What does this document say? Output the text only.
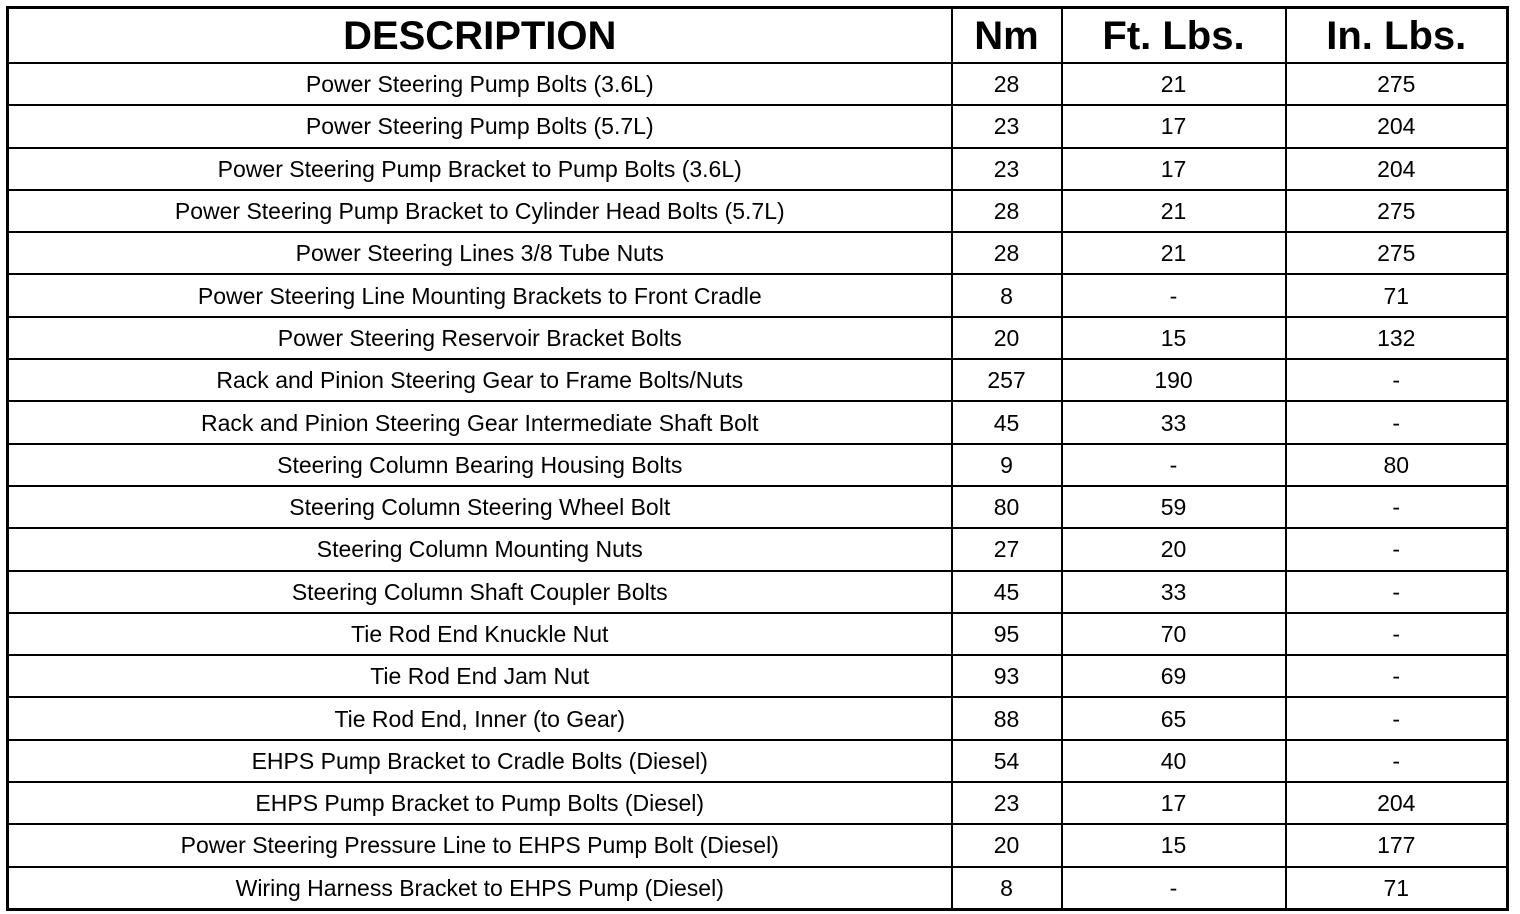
DESCRIPTION	Nm	Ft. Lbs.	In. Lbs.
Power Steering Pump Bolts (3.6L)	28	21	275
Power Steering Pump Bolts (5.7L)	23	17	204
Power Steering Pump Bracket to Pump Bolts (3.6L)	23	17	204
Power Steering Pump Bracket to Cylinder Head Bolts (5.7L)	28	21	275
Power Steering Lines 3/8 Tube Nuts	28	21	275
Power Steering Line Mounting Brackets to Front Cradle	8	-	71
Power Steering Reservoir Bracket Bolts	20	15	132
Rack and Pinion Steering Gear to Frame Bolts/Nuts	257	190	-
Rack and Pinion Steering Gear Intermediate Shaft Bolt	45	33	-
Steering Column Bearing Housing Bolts	9	-	80
Steering Column Steering Wheel Bolt	80	59	-
Steering Column Mounting Nuts	27	20	-
Steering Column Shaft Coupler Bolts	45	33	-
Tie Rod End Knuckle Nut	95	70	-
Tie Rod End Jam Nut	93	69	-
Tie Rod End, Inner (to Gear)	88	65	-
EHPS Pump Bracket to Cradle Bolts (Diesel)	54	40	-
EHPS Pump Bracket to Pump Bolts (Diesel)	23	17	204
Power Steering Pressure Line to EHPS Pump Bolt (Diesel)	20	15	177
Wiring Harness Bracket to EHPS Pump (Diesel)	8	-	71
